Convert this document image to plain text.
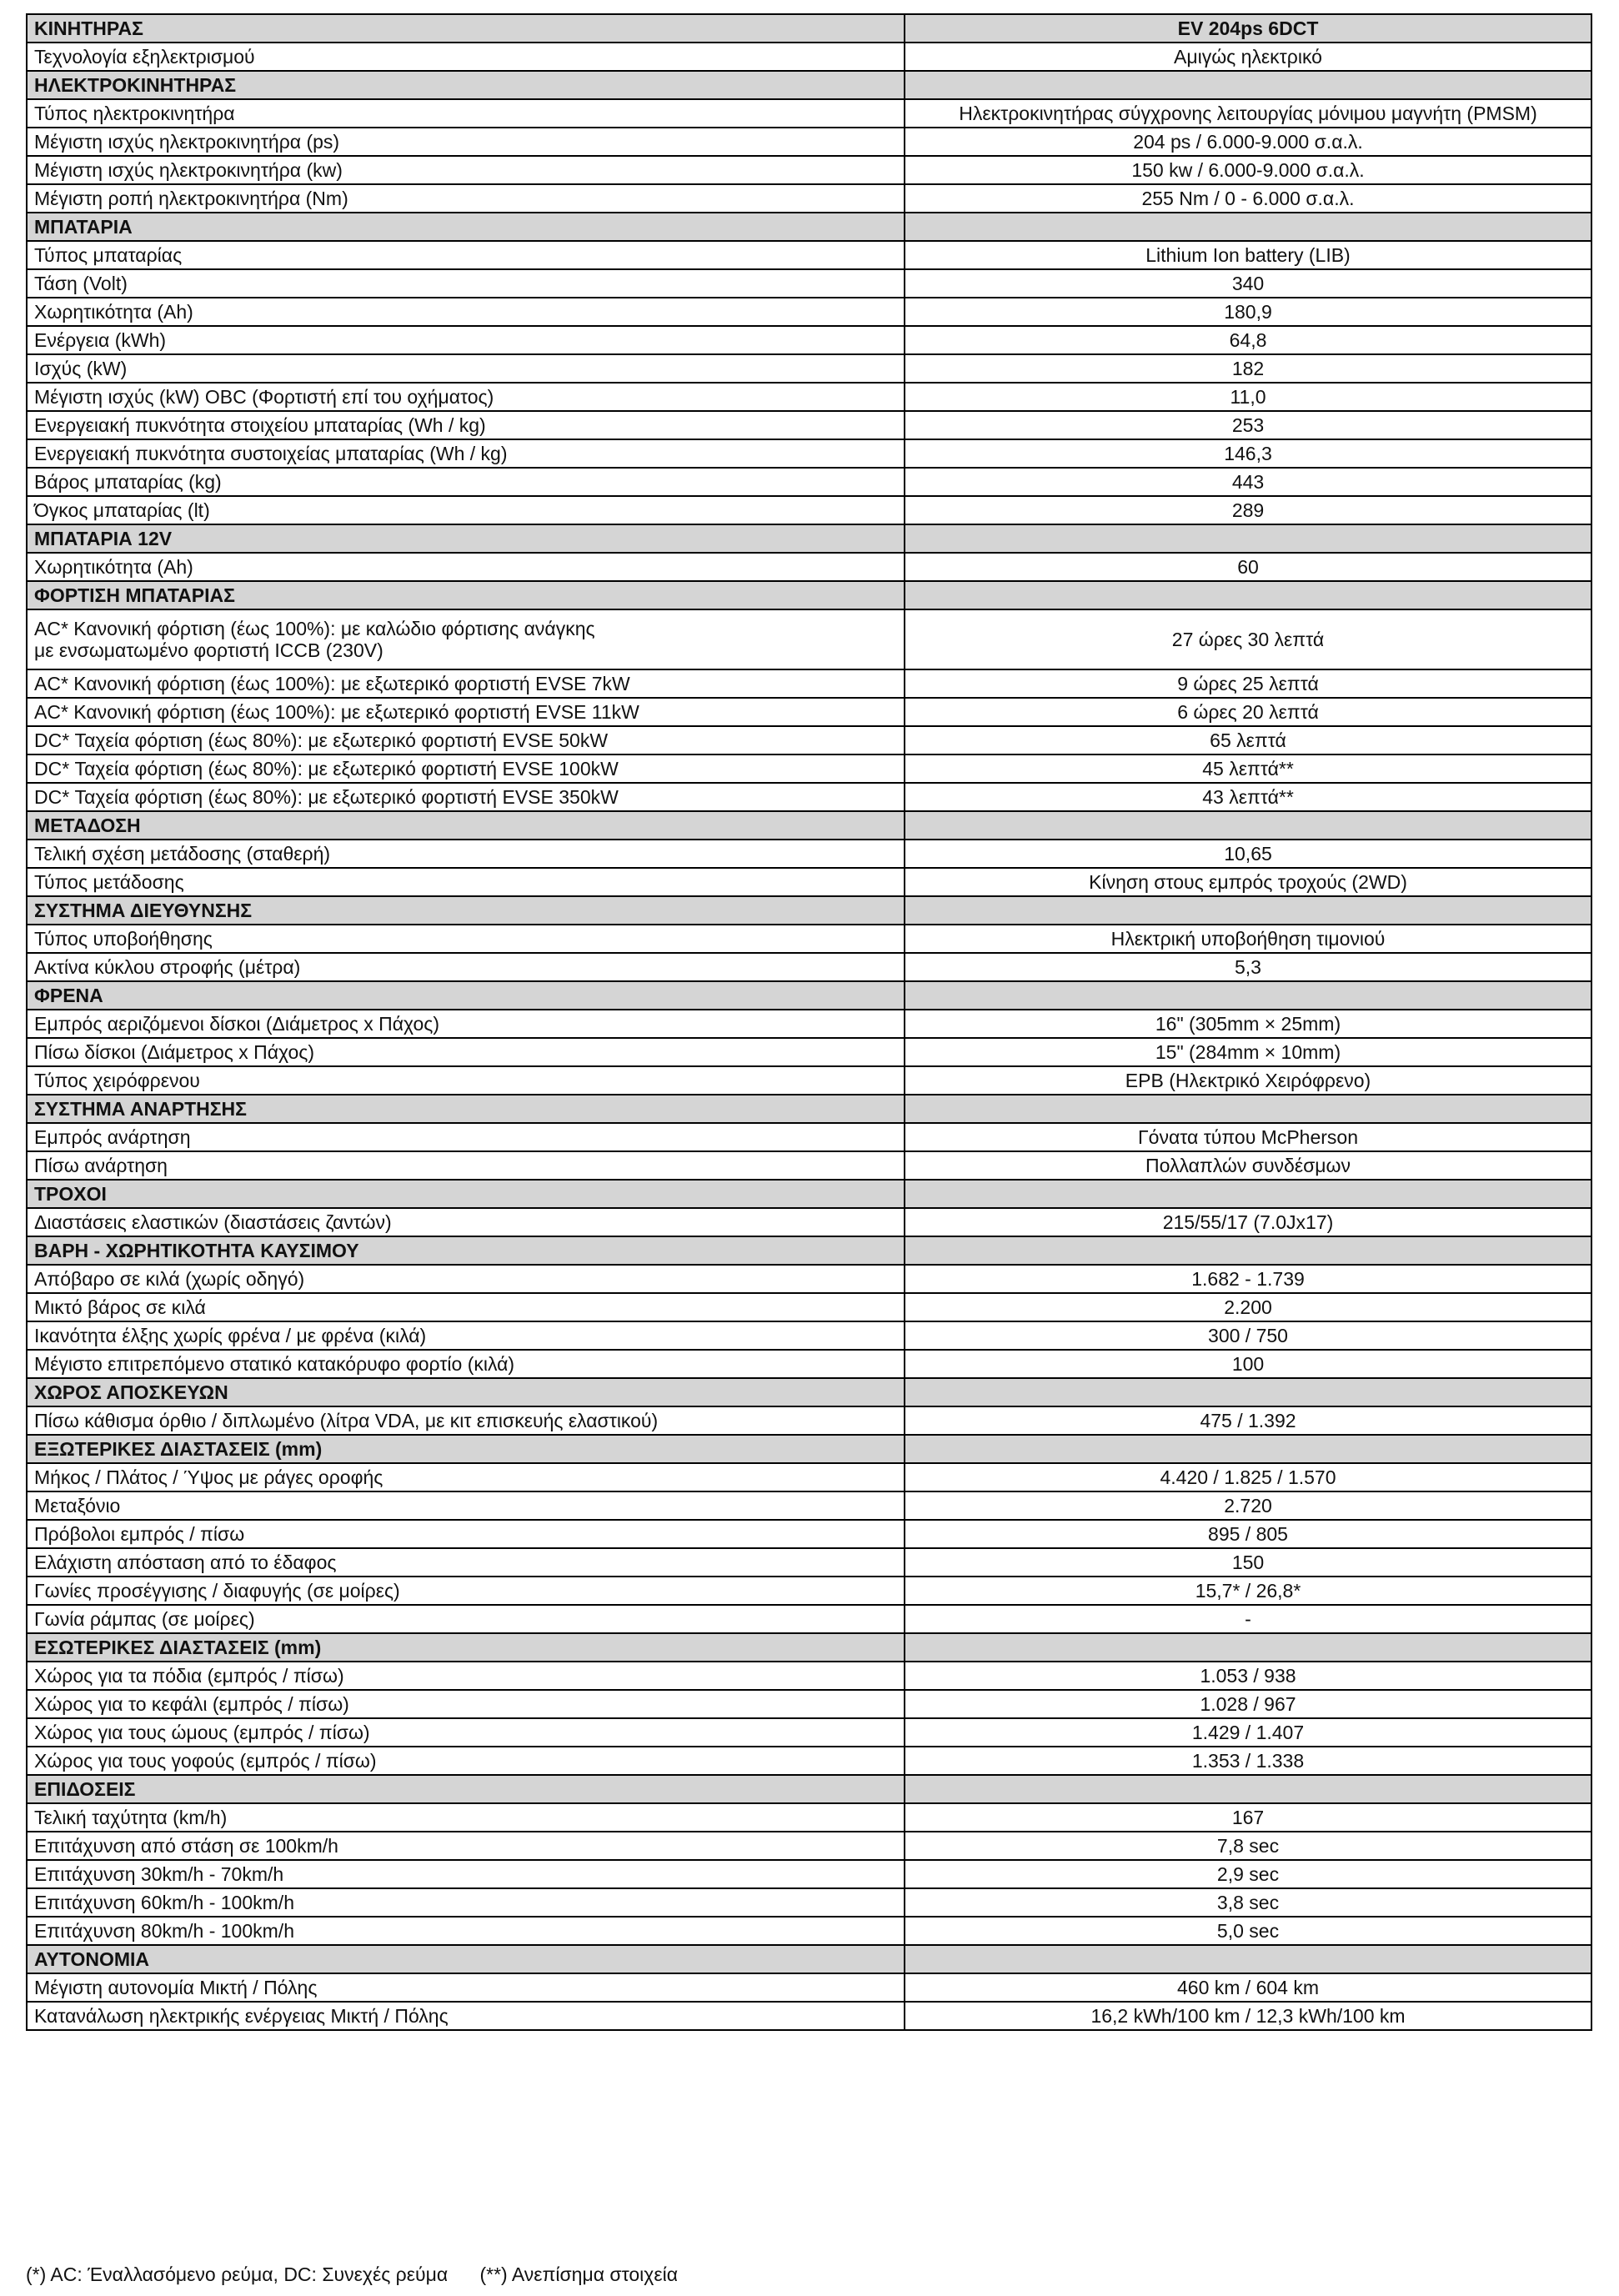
ΚΙΝΗΤΗΡΑΣ	EV 204ps 6DCT
Τεχνολογία εξηλεκτρισμού	Αμιγώς ηλεκτρικό
ΗΛΕΚΤΡΟΚΙΝΗΤΗΡΑΣ	
Τύπος ηλεκτροκινητήρα	Ηλεκτροκινητήρας σύγχρονης λειτουργίας μόνιμου μαγνήτη (PMSM)
Μέγιστη ισχύς ηλεκτροκινητήρα (ps)	204 ps / 6.000-9.000 σ.α.λ.
Μέγιστη ισχύς ηλεκτροκινητήρα (kw)	150 kw / 6.000-9.000 σ.α.λ.
Μέγιστη ροπή ηλεκτροκινητήρα (Nm)	255 Nm / 0 - 6.000 σ.α.λ.
ΜΠΑΤΑΡΙΑ	
Τύπος μπαταρίας	Lithium Ion battery (LIB)
Τάση (Volt)	340
Χωρητικότητα (Ah)	180,9
Ενέργεια (kWh)	64,8
Ισχύς (kW)	182
Μέγιστη ισχύς (kW) OBC (Φορτιστή επί του οχήματος)	11,0
Ενεργειακή πυκνότητα στοιχείου μπαταρίας (Wh / kg)	253
Ενεργειακή πυκνότητα συστοιχείας μπαταρίας (Wh / kg)	146,3
Βάρος μπαταρίας (kg)	443
Όγκος μπαταρίας (lt)	289
ΜΠΑΤΑΡΙΑ 12V	
Χωρητικότητα (Ah)	60
ΦΟΡΤΙΣΗ ΜΠΑΤΑΡΙΑΣ	

AC* Κανονική φόρτιση (έως 100%): με καλώδιο φόρτισης ανάγκης
με ενσωματωμένο φορτιστή ICCB (230V)	27 ώρες 30 λεπτά
AC* Κανονική φόρτιση (έως 100%): με εξωτερικό φορτιστή EVSE 7kW	9 ώρες 25 λεπτά
AC* Κανονική φόρτιση (έως 100%): με εξωτερικό φορτιστή EVSE 11kW	6 ώρες 20 λεπτά
DC* Ταχεία φόρτιση (έως 80%): με εξωτερικό φορτιστή EVSE 50kW	65 λεπτά
DC* Ταχεία φόρτιση (έως 80%): με εξωτερικό φορτιστή EVSE 100kW	45 λεπτά**
DC* Ταχεία φόρτιση (έως 80%): με εξωτερικό φορτιστή EVSE 350kW	43 λεπτά**
ΜΕΤΑΔΟΣΗ	
Τελική σχέση μετάδοσης (σταθερή)	10,65
Τύπος μετάδοσης	Κίνηση στους εμπρός τροχούς (2WD)
ΣΥΣΤΗΜΑ ΔΙΕΥΘΥΝΣΗΣ	
Τύπος υποβοήθησης	Ηλεκτρική υποβοήθηση τιμονιού
Ακτίνα κύκλου στροφής (μέτρα)	5,3
ΦΡΕΝΑ	
Εμπρός αεριζόμενοι δίσκοι (Διάμετρος x Πάχος)	16" (305mm × 25mm)
Πίσω δίσκοι (Διάμετρος x Πάχος)	15" (284mm × 10mm)
Τύπος χειρόφρενου	EPB (Ηλεκτρικό Χειρόφρενο)
ΣΥΣΤΗΜΑ ΑΝΑΡΤΗΣΗΣ	
Εμπρός ανάρτηση	Γόνατα τύπου McPherson
Πίσω ανάρτηση	Πολλαπλών συνδέσμων
ΤΡΟΧΟΙ	
Διαστάσεις ελαστικών (διαστάσεις ζαντών)	215/55/17 (7.0Jx17)
ΒΑΡΗ - ΧΩΡΗΤΙΚΟΤΗΤΑ ΚΑΥΣΙΜΟΥ	
Απόβαρο σε κιλά (χωρίς οδηγό)	1.682 - 1.739
Μικτό βάρος σε κιλά	2.200
Ικανότητα έλξης χωρίς φρένα / με φρένα (κιλά)	300 / 750
Μέγιστο επιτρεπόμενο στατικό κατακόρυφο φορτίο (κιλά)	100
ΧΩΡΟΣ ΑΠΟΣΚΕΥΩΝ	
Πίσω κάθισμα όρθιο / διπλωμένο (λίτρα VDA, με κιτ επισκευής ελαστικού)	475 / 1.392
ΕΞΩΤΕΡΙΚΕΣ ΔΙΑΣΤΑΣΕΙΣ (mm)	
Μήκος / Πλάτος / Ύψος με ράγες οροφής	4.420 / 1.825 / 1.570
Μεταξόνιο	2.720
Πρόβολοι εμπρός / πίσω	895 / 805
Ελάχιστη απόσταση από το έδαφος	150
Γωνίες προσέγγισης / διαφυγής (σε μοίρες)	15,7* / 26,8*
Γωνία ράμπας (σε μοίρες)	-
ΕΣΩΤΕΡΙΚΕΣ ΔΙΑΣΤΑΣΕΙΣ (mm)	
Χώρος για τα πόδια (εμπρός / πίσω)	1.053 / 938
Χώρος για το κεφάλι (εμπρός / πίσω)	1.028 / 967
Χώρος για τους ώμους (εμπρός / πίσω)	1.429 / 1.407
Χώρος για τους γοφούς (εμπρός / πίσω)	1.353 / 1.338
ΕΠΙΔΟΣΕΙΣ	
Τελική ταχύτητα (km/h)	167
Επιτάχυνση από στάση σε 100km/h	7,8 sec
Επιτάχυνση 30km/h - 70km/h	2,9 sec
Επιτάχυνση 60km/h - 100km/h	3,8 sec
Επιτάχυνση 80km/h - 100km/h	5,0 sec
ΑΥΤΟΝΟΜΙΑ	
Μέγιστη αυτονομία Μικτή / Πόλης	460 km / 604 km
Κατανάλωση ηλεκτρικής ενέργειας Μικτή / Πόλης	16,2 kWh/100 km / 12,3 kWh/100 km
(*) AC: Έναλλασόμενο ρεύμα, DC: Συνεχές ρεύμα (**) Ανεπίσημα στοιχεία
